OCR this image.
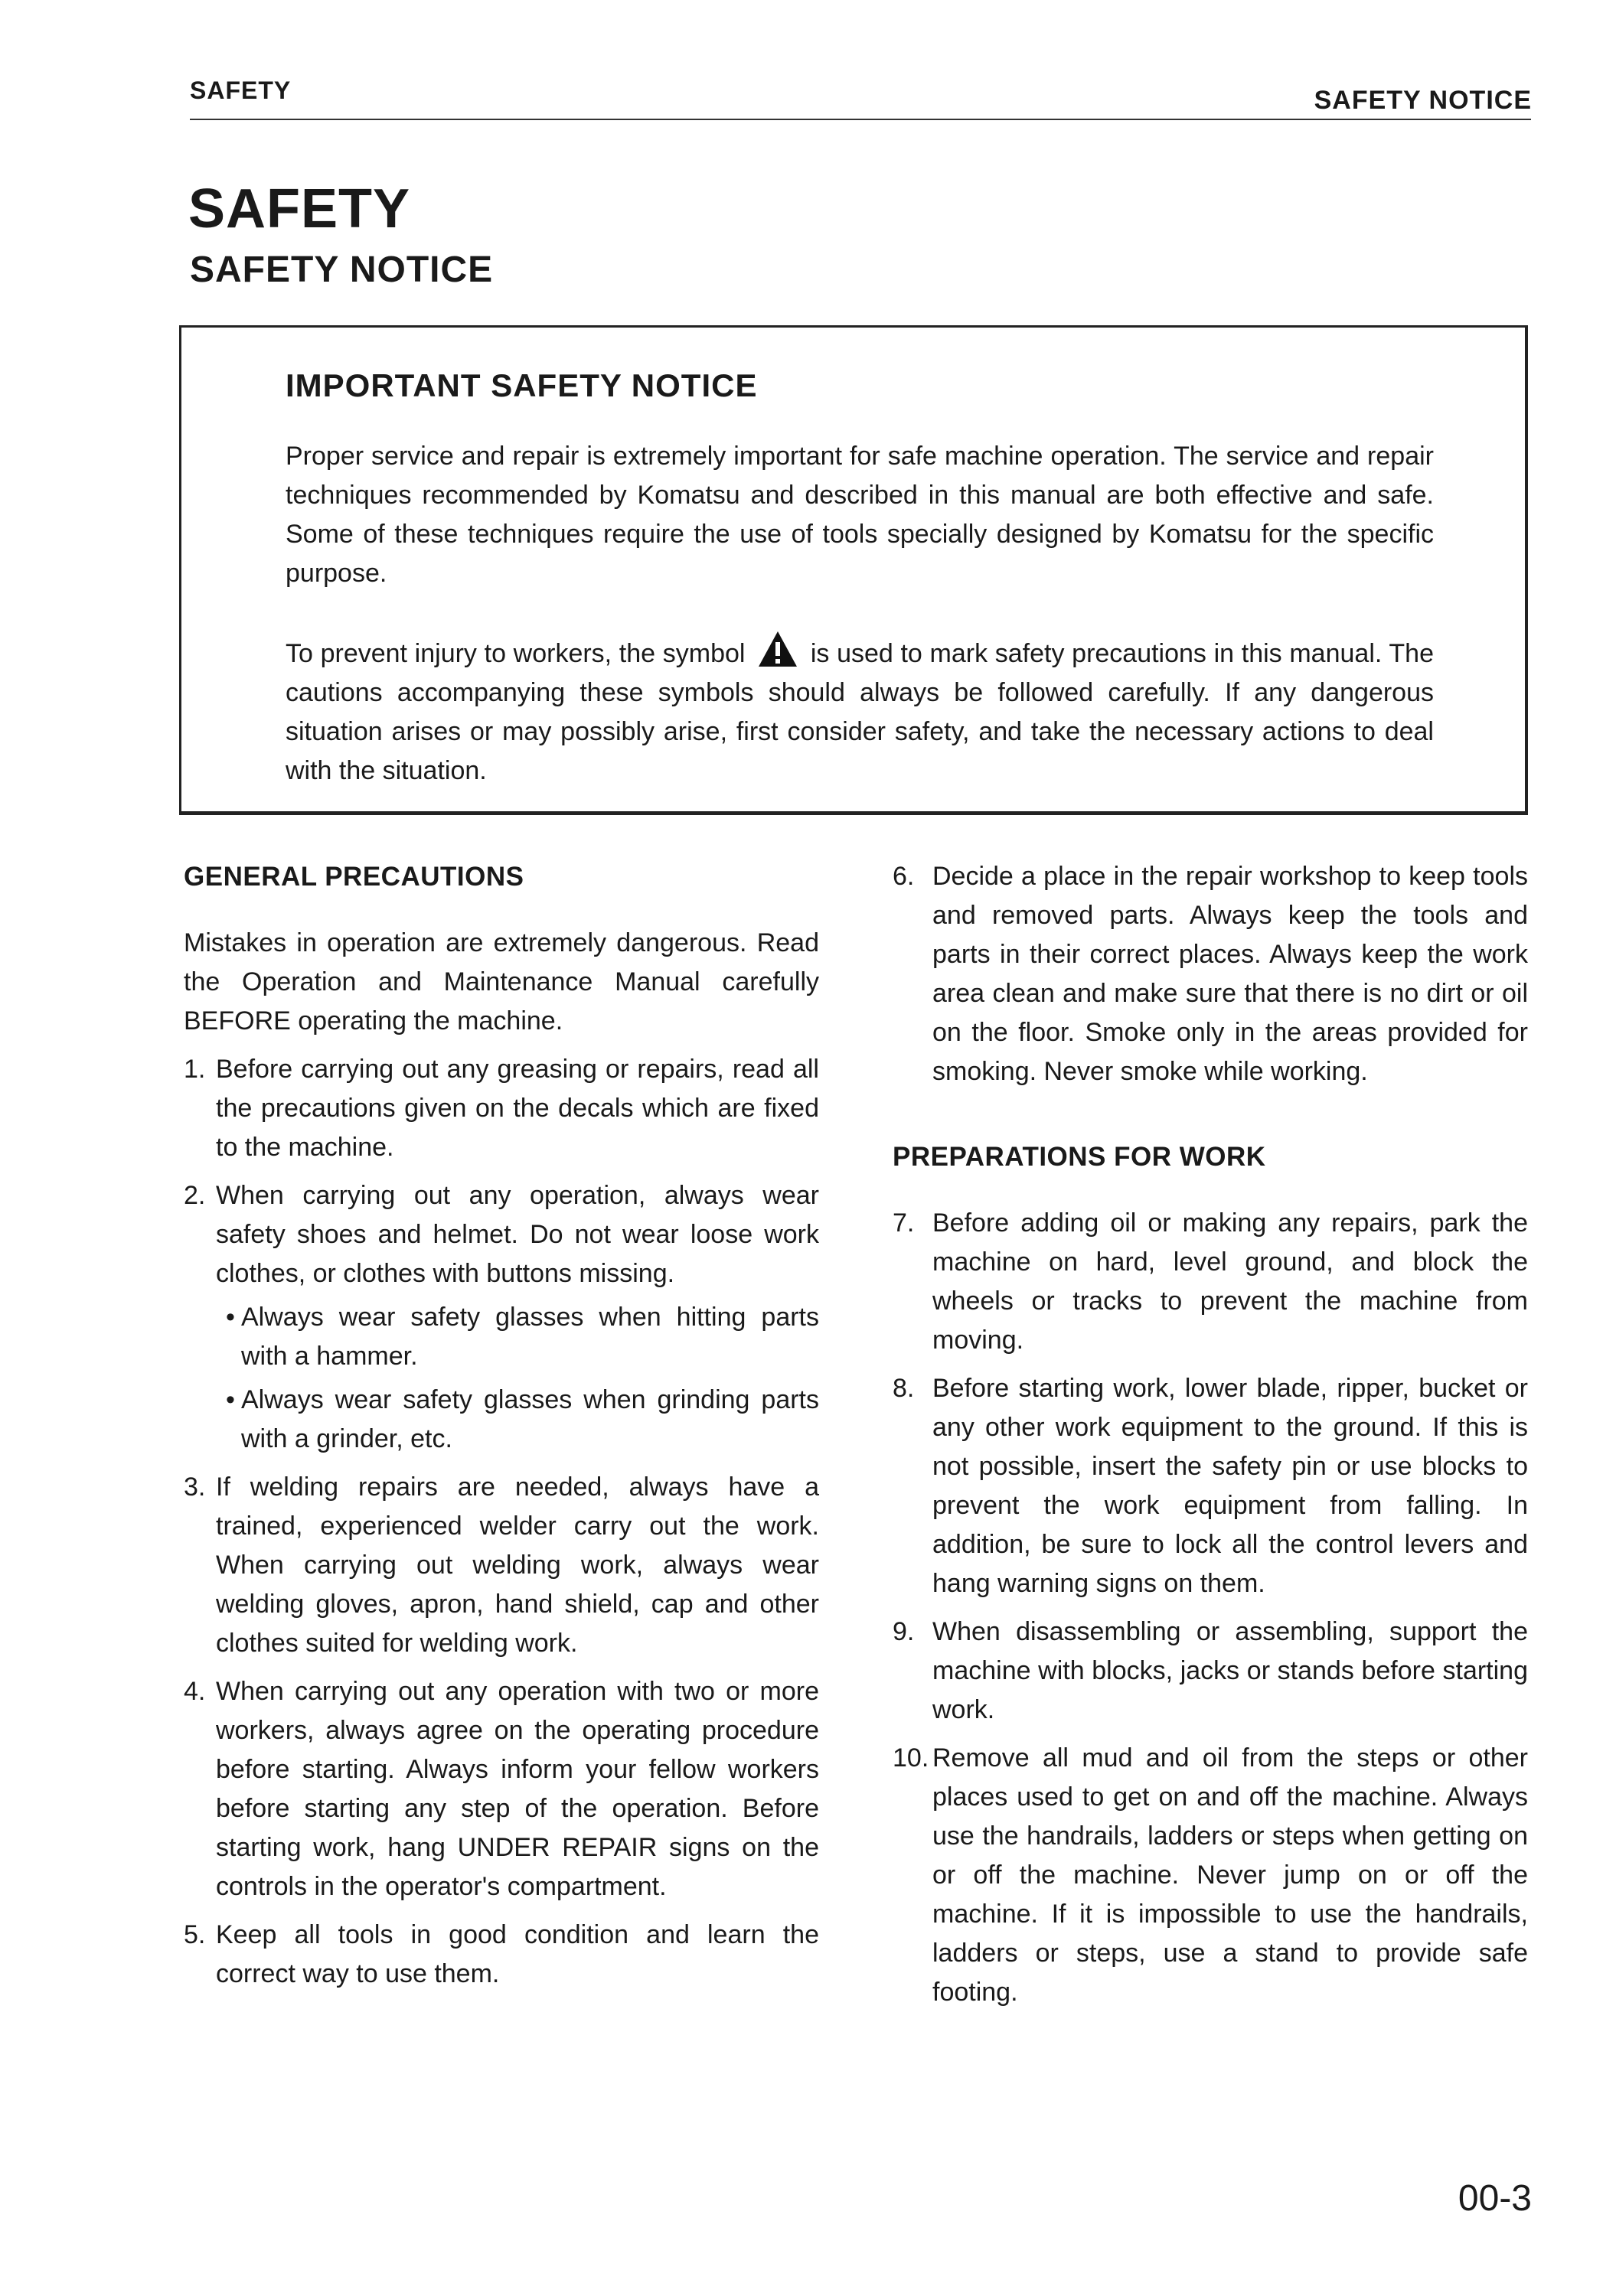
SAFETY	SAFETY NOTICE
SAFETY
SAFETY NOTICE
IMPORTANT SAFETY NOTICE

Proper service and repair is extremely important for safe machine operation. The service and repair techniques recommended by Komatsu and described in this manual are both effective and safe. Some of these techniques require the use of tools specially designed by Komatsu for the specific purpose.

To prevent injury to workers, the symbol	is used to mark safety precautions in this manual. The cautions accompanying these symbols should always be followed carefully. If any dangerous situation arises or may possibly arise, first consider safety, and take the necessary actions to deal with the situation.

GENERAL PRECAUTIONS

Mistakes in operation are extremely dangerous. Read the Operation and Maintenance Manual carefully BEFORE operating the machine.

1. Before carrying out any greasing or repairs, read all the precautions given on the decals which are fixed to the machine.
2. When carrying out any operation, always wear safety shoes and helmet. Do not wear loose work clothes, or clothes with buttons missing.
• Always wear safety glasses when hitting parts with a hammer.
• Always wear safety glasses when grinding parts with a grinder, etc.
3. If welding repairs are needed, always have a trained, experienced welder carry out the work. When carrying out welding work, always wear welding gloves, apron, hand shield, cap and other clothes suited for welding work.
4. When carrying out any operation with two or more workers, always agree on the operating procedure before starting. Always inform your fellow workers before starting any step of the operation. Before starting work, hang UNDER REPAIR signs on the controls in the operator's compartment.
5. Keep all tools in good condition and learn the correct way to use them.
6. Decide a place in the repair workshop to keep tools and removed parts. Always keep the tools and parts in their correct places. Always keep the work area clean and make sure that there is no dirt or oil on the floor. Smoke only in the areas provided for smoking. Never smoke while working.

PREPARATIONS FOR WORK

7. Before adding oil or making any repairs, park the machine on hard, level ground, and block the wheels or tracks to prevent the machine from moving.
8. Before starting work, lower blade, ripper, bucket or any other work equipment to the ground. If this is not possible, insert the safety pin or use blocks to prevent the work equipment from falling. In addition, be sure to lock all the control levers and hang warning signs on them.
9. When disassembling or assembling, support the machine with blocks, jacks or stands before starting work.
10. Remove all mud and oil from the steps or other places used to get on and off the machine. Always use the handrails, ladders or steps when getting on or off the machine. Never jump on or off the machine. If it is impossible to use the handrails, ladders or steps, use a stand to provide safe footing.
00-3
